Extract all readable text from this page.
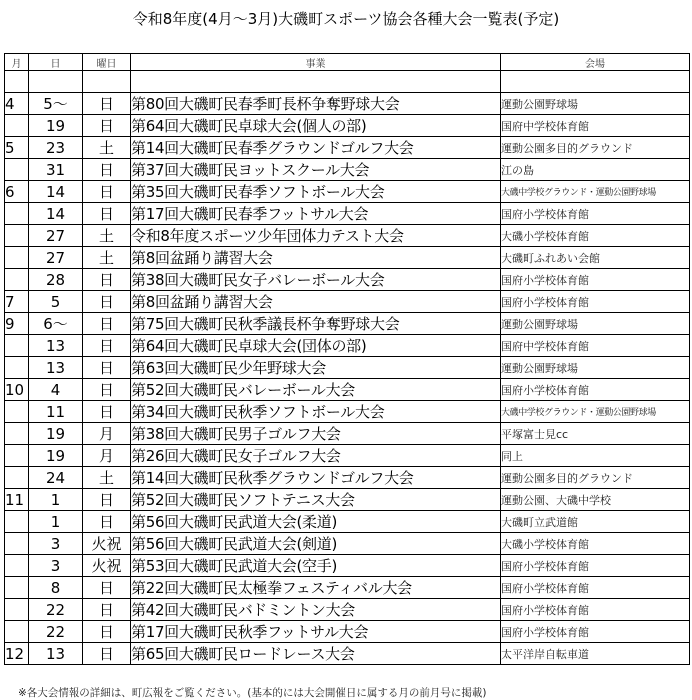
令和8年度(4月～3月)大磯町スポーツ協会各種大会一覧表(予定)
月	日	曜日	事業	会場

4	5～	日	第80回大磯町民春季町長杯争奪野球大会	運動公園野球場
	19	日	第64回大磯町民卓球大会(個人の部)	国府中学校体育館
5	23	土	第14回大磯町民春季グラウンドゴルフ大会	運動公園多目的グラウンド
	31	日	第37回大磯町民ヨットスクール大会	江の島
6	14	日	第35回大磯町民春季ソフトボール大会	大磯中学校グラウンド・運動公園野球場
	14	日	第17回大磯町民春季フットサル大会	国府小学校体育館
	27	土	令和8年度スポーツ少年団体力テスト大会	大磯小学校体育館
	27	土	第8回盆踊り講習大会	大磯町ふれあい会館
	28	日	第38回大磯町民女子バレーボール大会	国府小学校体育館
7	5	日	第8回盆踊り講習大会	国府小学校体育館
9	6～	日	第75回大磯町民秋季議長杯争奪野球大会	運動公園野球場
	13	日	第64回大磯町民卓球大会(団体の部)	国府中学校体育館
	13	日	第63回大磯町民少年野球大会	運動公園野球場
10	4	日	第52回大磯町民バレーボール大会	国府小学校体育館
	11	日	第34回大磯町民秋季ソフトボール大会	大磯中学校グラウンド・運動公園野球場
	19	月	第38回大磯町民男子ゴルフ大会	平塚富士見cc
	19	月	第26回大磯町民女子ゴルフ大会	同上
	24	土	第14回大磯町民秋季グラウンドゴルフ大会	運動公園多目的グラウンド
11	1	日	第52回大磯町民ソフトテニス大会	運動公園、大磯中学校
	1	日	第56回大磯町民武道大会(柔道)	大磯町立武道館
	3	火祝	第56回大磯町民武道大会(剣道)	大磯小学校体育館
	3	火祝	第53回大磯町民武道大会(空手)	国府小学校体育館
	8	日	第22回大磯町民太極拳フェスティバル大会	国府小学校体育館
	22	日	第42回大磯町民バドミントン大会	国府小学校体育館
	22	日	第17回大磯町民秋季フットサル大会	国府小学校体育館
12	13	日	第65回大磯町民ロードレース大会	太平洋岸自転車道
※各大会情報の詳細は、町広報をご覧ください。(基本的には大会開催日に属する月の前月号に掲載)
